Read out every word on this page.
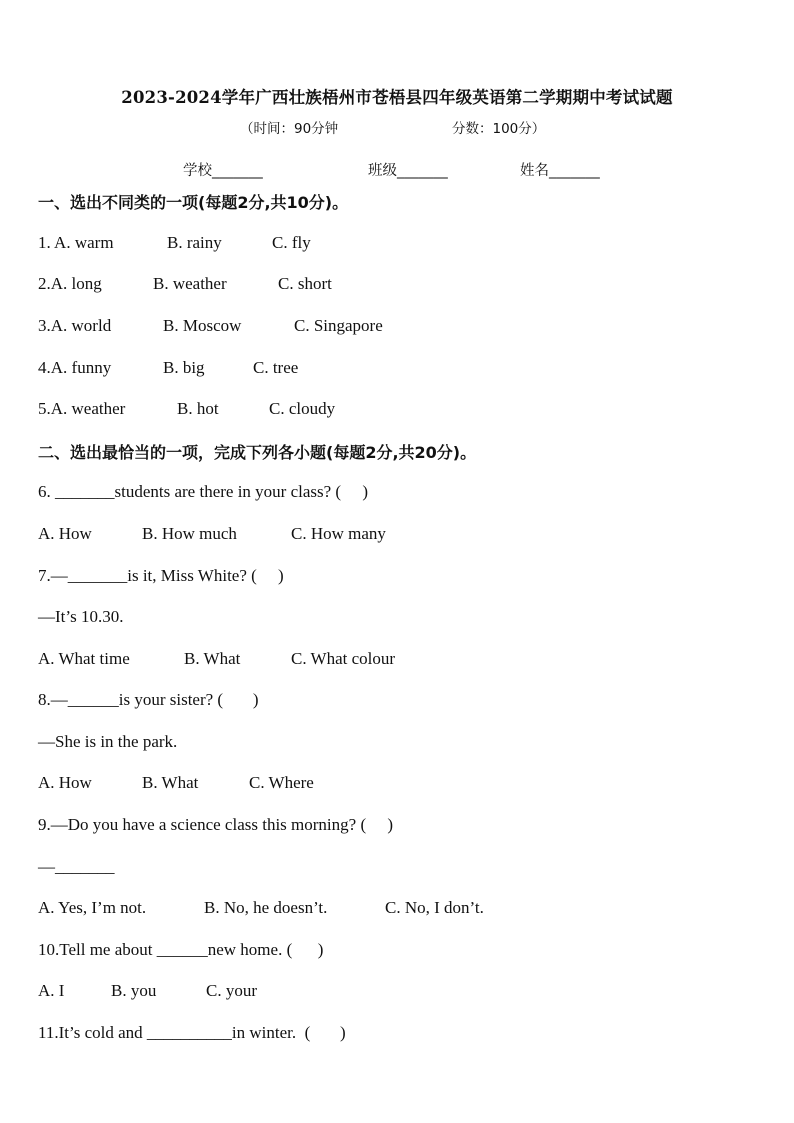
2023-2024学年广西壮族梧州市苍梧县四年级英语第二学期期中考试试题
（时间：90分钟	分数：100分）
学校_______	班级_______	姓名_______
一、选出不同类的一项(每题2分,共10分)。
1. A. warm	B. rainy	C. fly
2.A. long	B. weather	C. short
3.A. world	B. Moscow	C. Singapore
4.A. funny	B. big	C. tree
5.A. weather	B. hot	C. cloudy
二、选出最恰当的一项，完成下列各小题(每题2分,共20分)。
6. _______students are there in your class? (     )
A. How	B. How much	C. How many
7.—_______is it, Miss White? (     )
—It’s 10.30.
A. What time	B. What	C. What colour
8.—______is your sister? (       )
—She is in the park.
A. How	B. What	C. Where
9.—Do you have a science class this morning? (     )
—_______
A. Yes, I’m not.	B. No, he doesn’t.	C. No, I don’t.
10.Tell me about ______new home. (      )
A. I	B. you	C. your
11.It’s cold and __________in winter.  (       )
